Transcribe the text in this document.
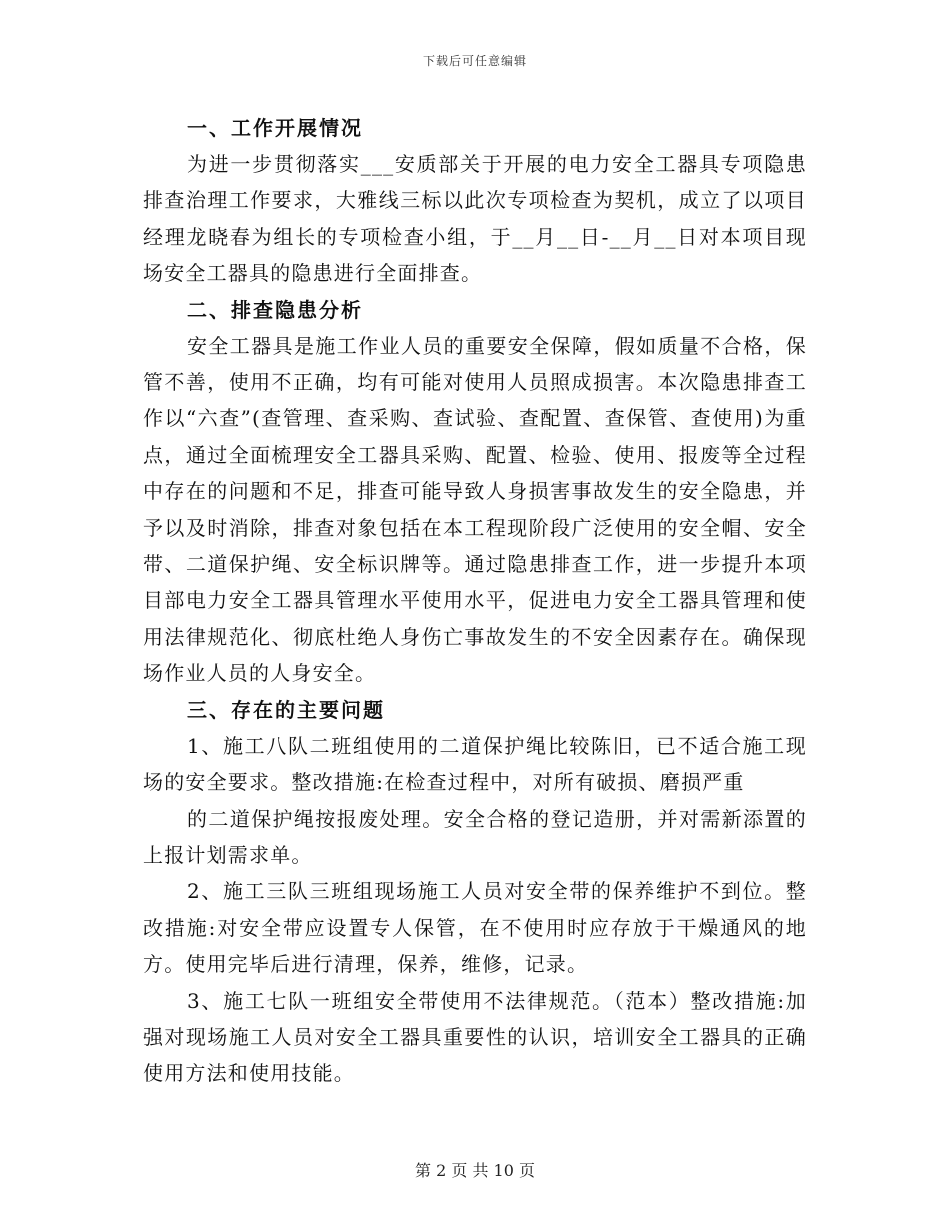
下载后可任意编辑
一、工作开展情况

为进一步贯彻落实___安质部关于开展的电力安全工器具专项隐患排查治理工作要求，大雅线三标以此次专项检查为契机，成立了以项目经理龙晓春为组长的专项检查小组，于__月__日-__月__日对本项目现场安全工器具的隐患进行全面排查。

二、排查隐患分析

安全工器具是施工作业人员的重要安全保障，假如质量不合格，保管不善，使用不正确，均有可能对使用人员照成损害。本次隐患排查工作以“六查”(查管理、查采购、查试验、查配置、查保管、查使用)为重点，通过全面梳理安全工器具采购、配置、检验、使用、报废等全过程中存在的问题和不足，排查可能导致人身损害事故发生的安全隐患，并予以及时消除，排查对象包括在本工程现阶段广泛使用的安全帽、安全带、二道保护绳、安全标识牌等。通过隐患排查工作，进一步提升本项目部电力安全工器具管理水平使用水平，促进电力安全工器具管理和使用法律规范化、彻底杜绝人身伤亡事故发生的不安全因素存在。确保现场作业人员的人身安全。

三、存在的主要问题

1、施工八队二班组使用的二道保护绳比较陈旧，已不适合施工现场的安全要求。整改措施:在检查过程中，对所有破损、磨损严重

的二道保护绳按报废处理。安全合格的登记造册，并对需新添置的上报计划需求单。

2、施工三队三班组现场施工人员对安全带的保养维护不到位。整改措施:对安全带应设置专人保管，在不使用时应存放于干燥通风的地方。使用完毕后进行清理，保养，维修，记录。

3、施工七队一班组安全带使用不法律规范。（范本）整改措施:加强对现场施工人员对安全工器具重要性的认识，培训安全工器具的正确使用方法和使用技能。

第 2 页 共 10 页
